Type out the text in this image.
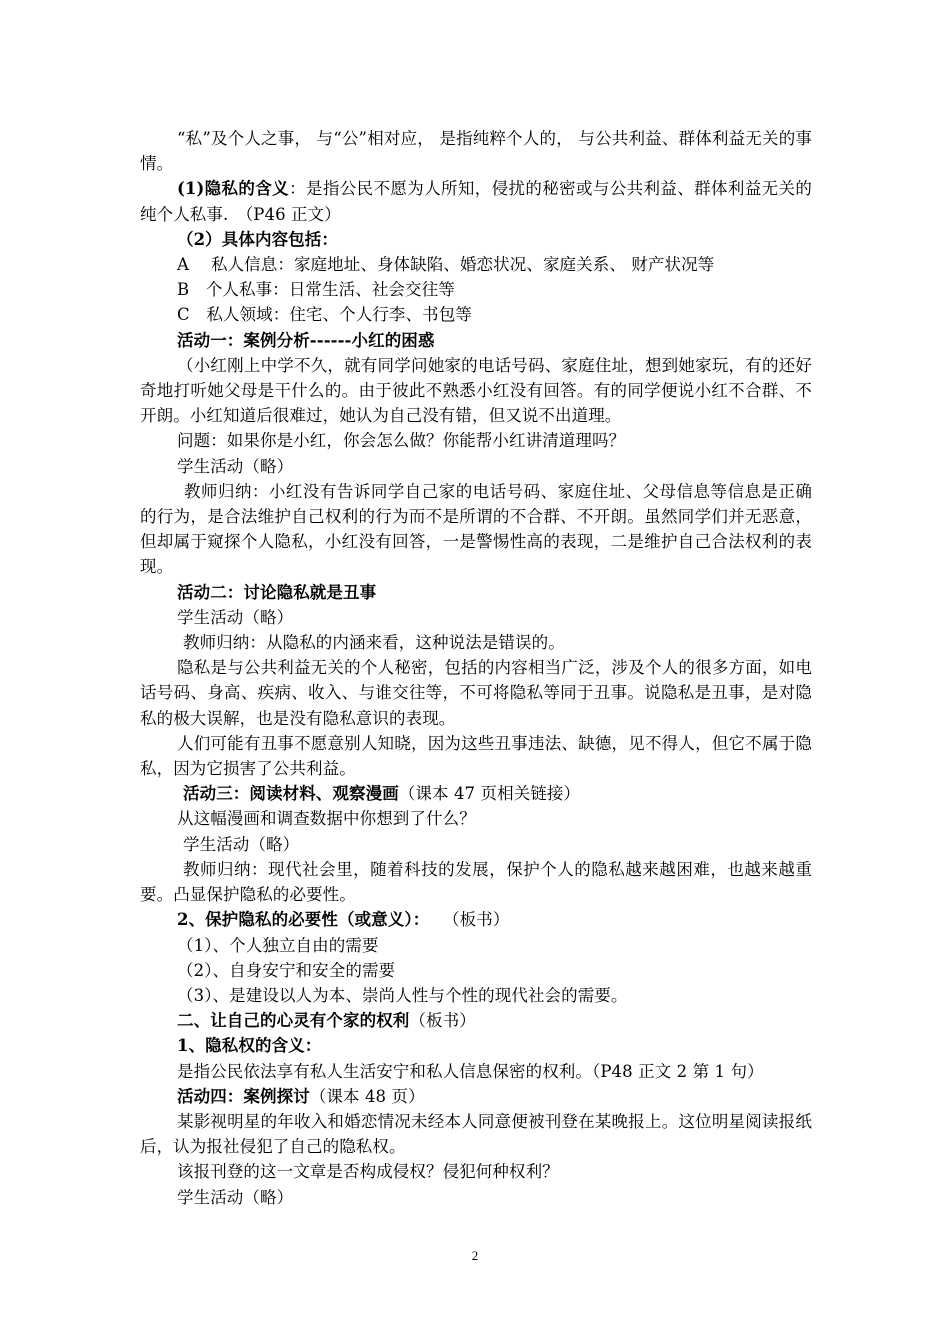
“私”及个人之事， 与“公”相对应， 是指纯粹个人的， 与公共利益、群体利益无关的事情。

(1)隐私的含义：是指公民不愿为人所知，侵扰的秘密或与公共利益、群体利益无关的纯个人私事.　（P46 正文）

（2）具体内容包括：

A　 私人信息：家庭地址、身体缺陷、婚恋状况、家庭关系、 财产状况等

B　个人私事：日常生活、社会交往等

C　私人领域：住宅、个人行李、书包等

活动一：案例分析------小红的困惑

（小红刚上中学不久，就有同学问她家的电话号码、家庭住址，想到她家玩，有的还好奇地打听她父母是干什么的。由于彼此不熟悉小红没有回答。有的同学便说小红不合群、不开朗。小红知道后很难过，她认为自己没有错，但又说不出道理。

问题：如果你是小红，你会怎么做？你能帮小红讲清道理吗？

学生活动（略）

教师归纳：小红没有告诉同学自己家的电话号码、家庭住址、父母信息等信息是正确的行为，是合法维护自己权利的行为而不是所谓的不合群、不开朗。虽然同学们并无恶意，但却属于窥探个人隐私，小红没有回答，一是警惕性高的表现，二是维护自己合法权利的表现。

活动二：讨论隐私就是丑事

学生活动（略）

教师归纳：从隐私的内涵来看，这种说法是错误的。

隐私是与公共利益无关的个人秘密，包括的内容相当广泛，涉及个人的很多方面，如电话号码、身高、疾病、收入、与谁交往等，不可将隐私等同于丑事。说隐私是丑事，是对隐私的极大误解，也是没有隐私意识的表现。

人们可能有丑事不愿意别人知晓，因为这些丑事违法、缺德，见不得人，但它不属于隐私，因为它损害了公共利益。

活动三：阅读材料、观察漫画（课本 47 页相关链接）

从这幅漫画和调查数据中你想到了什么？

学生活动（略）

教师归纳：现代社会里，随着科技的发展，保护个人的隐私越来越困难，也越来越重要。凸显保护隐私的必要性。

2、保护隐私的必要性（或意义）：　 （板书）

（1）、个人独立自由的需要

（2）、自身安宁和安全的需要

（3）、是建设以人为本、崇尚人性与个性的现代社会的需要。

二、让自己的心灵有个家的权利（板书）

1、隐私权的含义：

是指公民依法享有私人生活安宁和私人信息保密的权利。（P48 正文 2 第 1 句）

活动四：案例探讨（课本 48 页）

某影视明星的年收入和婚恋情况未经本人同意便被刊登在某晚报上。这位明星阅读报纸后，认为报社侵犯了自己的隐私权。

该报刊登的这一文章是否构成侵权？侵犯何种权利？

学生活动（略）

2
